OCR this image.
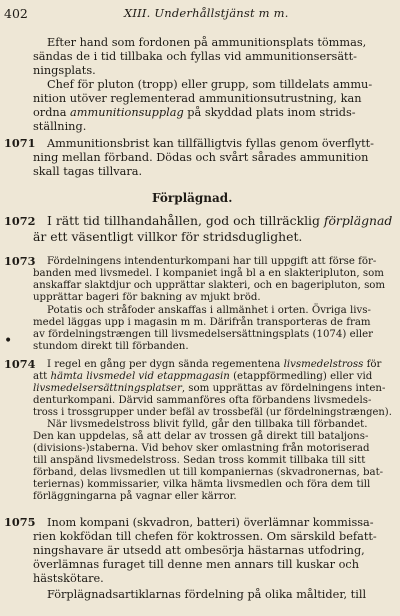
402	XIII. Underhållstjänst m m.

Efter hand som fordonen på ammunitionsplats tömmas,

sändas de i tid tillbaka och fyllas vid ammunitionsersätt-

ningsplats.

Chef för pluton (tropp) eller grupp, som tilldelats ammu-

nition utöver reglementerad ammunitionsutrustning, kan

ordna ammunitionsupplag på skyddad plats inom strids-

ställning.

1071 Ammunitionsbrist kan tillfälligtvis fyllas genom överflytt-

ning mellan förband. Dödas och svårt sårades ammunition

skall tagas tillvara.

Förplägnad.
1072 I rätt tid tillhandahållen, god och tillräcklig förplägnad

är ett väsentligt villkor för stridsduglighet.

1073 Fördelningens intendenturkompani har till uppgift att förse för-

banden med livsmedel. I kompaniet ingå bl a en slakteripluton, som

anskaffar slaktdjur och upprättar slakteri, och en bageripluton, som

upprättar bageri för bakning av mjukt bröd.

Potatis och stråfoder anskaffas i allmänhet i orten. Övriga livs-

medel läggas upp i magasin m m. Därifrån transporteras de fram

• av fördelningstrængen till livsmedelsersättningsplats (1074) eller

stundom direkt till förbanden.

1074 I regel en gång per dygn sända regementena livsmedelstross för

att hämta livsmedel vid etappmagasin (etappförmedling) eller vid

livsmedelsersättningsplatser, som upprättas av fördelningens inten-

denturkompani. Därvid sammanföres ofta förbandens livsmedels-

tross i trossgrupper under befäl av trossbefäl (ur fördelningstrængen).

När livsmedelstross blivit fylld, går den tillbaka till förbandet.

Den kan uppdelas, så att delar av trossen gå direkt till bataljons-

(divisions-)staberna. Vid behov sker omlastning från motoriserad

till anspänd livsmedelstross. Sedan tross kommit tillbaka till sitt

förband, delas livsmedlen ut till kompaniernas (skvadronernas, bat-

teriernas) kommissarier, vilka hämta livsmedlen och föra dem till

förläggningarna på vagnar eller kärror.

1075 Inom kompani (skvadron, batteri) överlämnar kommissa-

rien kokfödan till chefen för koktrossen. Om särskild befatt-

ningshavare är utsedd att ombesörja hästarnas utfodring,

överlämnas furaget till denne men annars till kuskar och

hästskötare.

Förplägnadsartiklarnas fördelning på olika måltider, till
